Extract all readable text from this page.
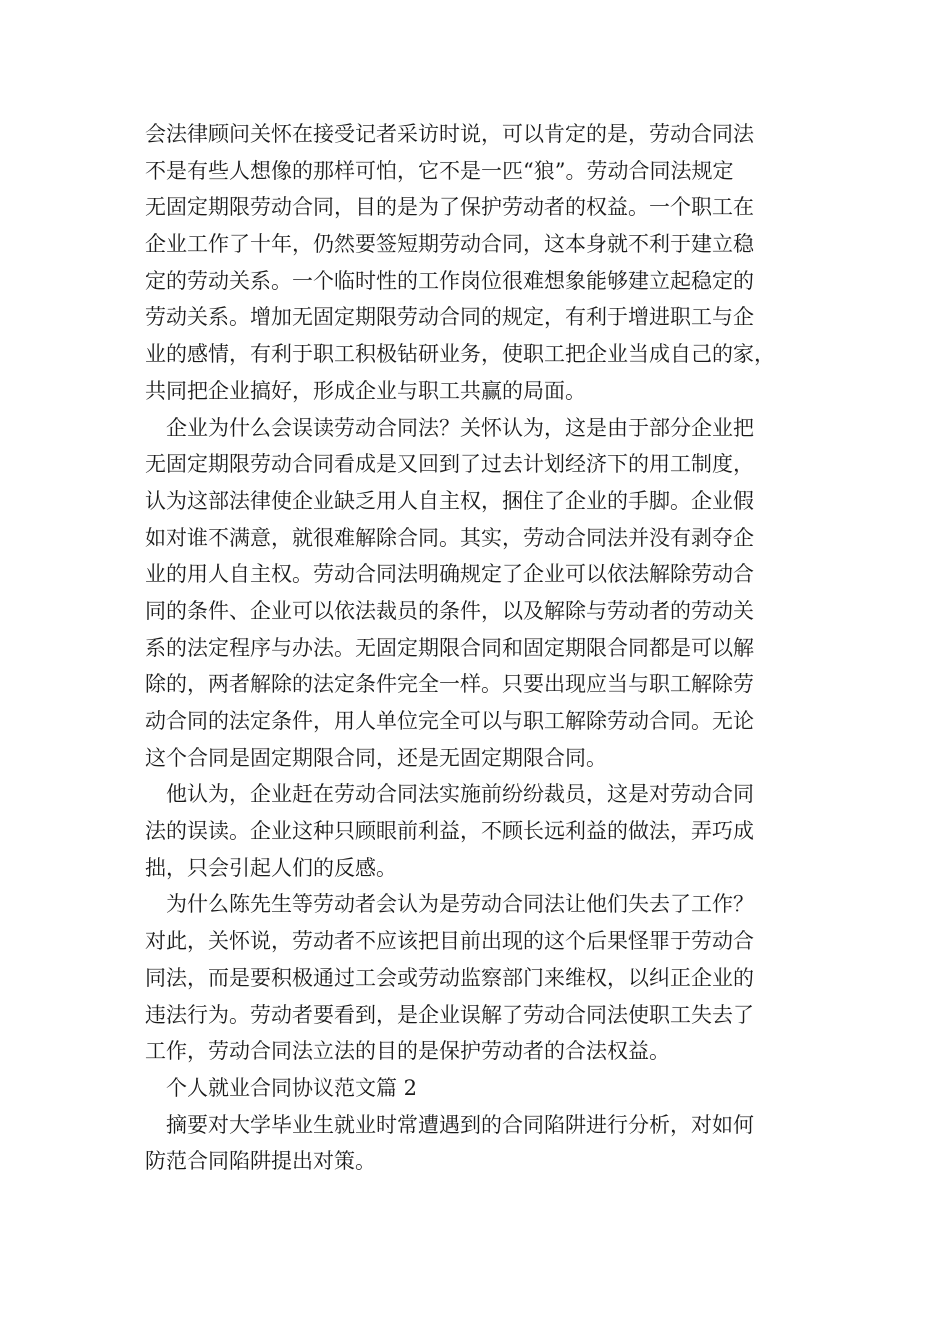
会法律顾问关怀在接受记者采访时说，可以肯定的是，劳动合同法
不是有些人想像的那样可怕，它不是一匹“狼”。劳动合同法规定
无固定期限劳动合同，目的是为了保护劳动者的权益。一个职工在
企业工作了十年，仍然要签短期劳动合同，这本身就不利于建立稳
定的劳动关系。一个临时性的工作岗位很难想象能够建立起稳定的
劳动关系。增加无固定期限劳动合同的规定，有利于增进职工与企
业的感情，有利于职工积极钻研业务，使职工把企业当成自己的家，
共同把企业搞好，形成企业与职工共赢的局面。
　企业为什么会误读劳动合同法？关怀认为，这是由于部分企业把
无固定期限劳动合同看成是又回到了过去计划经济下的用工制度，
认为这部法律使企业缺乏用人自主权，捆住了企业的手脚。企业假
如对谁不满意，就很难解除合同。其实，劳动合同法并没有剥夺企
业的用人自主权。劳动合同法明确规定了企业可以依法解除劳动合
同的条件、企业可以依法裁员的条件，以及解除与劳动者的劳动关
系的法定程序与办法。无固定期限合同和固定期限合同都是可以解
除的，两者解除的法定条件完全一样。只要出现应当与职工解除劳
动合同的法定条件，用人单位完全可以与职工解除劳动合同。无论
这个合同是固定期限合同，还是无固定期限合同。
　他认为，企业赶在劳动合同法实施前纷纷裁员，这是对劳动合同
法的误读。企业这种只顾眼前利益，不顾长远利益的做法，弄巧成
拙，只会引起人们的反感。
　为什么陈先生等劳动者会认为是劳动合同法让他们失去了工作？
对此，关怀说，劳动者不应该把目前出现的这个后果怪罪于劳动合
同法，而是要积极通过工会或劳动监察部门来维权，以纠正企业的
违法行为。劳动者要看到，是企业误解了劳动合同法使职工失去了
工作，劳动合同法立法的目的是保护劳动者的合法权益。
　个人就业合同协议范文篇 2
　摘要对大学毕业生就业时常遭遇到的合同陷阱进行分析，对如何
防范合同陷阱提出对策。
